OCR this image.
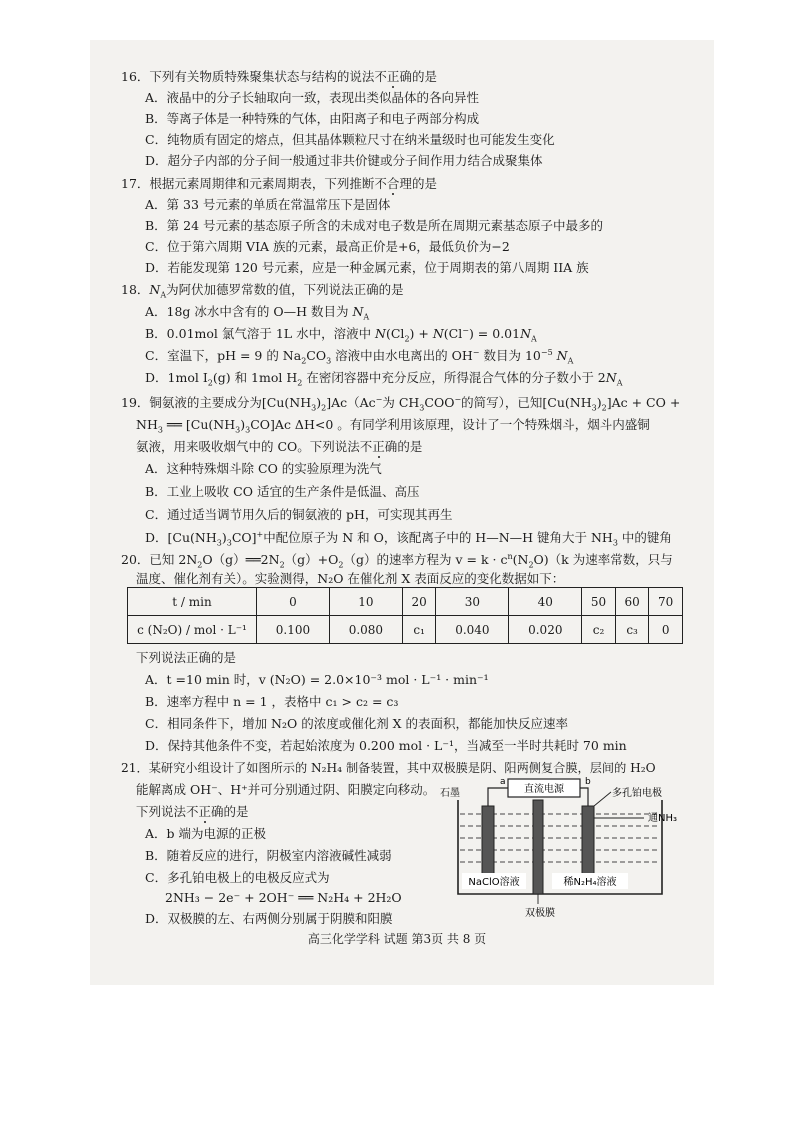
16．下列有关物质特殊聚集状态与结构的说法不正确的是
A．液晶中的分子长轴取向一致，表现出类似晶体的各向异性
B．等离子体是一种特殊的气体，由阳离子和电子两部分构成
C．纯物质有固定的熔点，但其晶体颗粒尺寸在纳米量级时也可能发生变化
D．超分子内部的分子间一般通过非共价键或分子间作用力结合成聚集体
17．根据元素周期律和元素周期表，下列推断不合理的是
A．第 33 号元素的单质在常温常压下是固体
B．第 24 号元素的基态原子所含的未成对电子数是所在周期元素基态原子中最多的
C．位于第六周期 VIA 族的元素，最高正价是+6，最低负价为−2
D．若能发现第 120 号元素，应是一种金属元素，位于周期表的第八周期 IIA 族
18．$N_A$为阿伏加德罗常数的值，下列说法正确的是
A．18g 冰水中含有的 O—H 数目为 $N_A$
B．0.01mol 氯气溶于 1L 水中，溶液中 $N(Cl_2) + N(Cl^-) = 0.01N_A$
C．室温下，pH = 9 的 $Na_2CO_3$ 溶液中由水电离出的 OH− 数目为 $10^{-5}$ $N_A$
D．1mol $I_2(g)$ 和 1mol $H_2$ 在密闭容器中充分反应，所得混合气体的分子数小于 $2N_A$
19．铜氨液的主要成分为$[Cu(NH_3)_2]Ac(Ac^-$为 $CH_3COO^-$的简写），已知$[Cu(NH_3)_2]Ac$ + CO +
$NH_3$ ══ $[Cu(NH_3)_3CO]Ac$ ΔH<0 。有同学利用该原理，设计了一个特殊烟斗，烟斗内盛铜
氨液，用来吸收烟气中的 CO。下列说法不正确的是
A．这种特殊烟斗除 CO 的实验原理为洗气
B．工业上吸收 CO 适宜的生产条件是低温、高压
C．通过适当调节用久后的铜氨液的 pH，可实现其再生
D．$[Cu(NH_3)_3CO]^+$中配位原子为 N 和 O，该配离子中的 H—N—H 键角大于 $NH_3$ 中的键角
20．已知 $2N_2O(g)══2N_2(g)+O_2(g)$的速率方程为 $v = k \cdot c^n(N_2O)(k$ 为速率常数，只与
温度、催化剂有关）。实验测得，N₂O 在催化剂 X 表面反应的变化数据如下：
t / min	0	10	20	30	40	50	60	70
c (N₂O) / mol · L⁻¹	0.100	0.080	c₁	0.040	0.020	c₂	c₃	0
下列说法正确的是
A．t =10 min 时，v (N₂O) = 2.0×10⁻³ mol · L⁻¹ · min⁻¹
B．速率方程中 n = 1 ，表格中 c₁ > c₂ = c₃
C．相同条件下，增加 N₂O 的浓度或催化剂 X 的表面积，都能加快反应速率
D．保持其他条件不变，若起始浓度为 0.200 mol · L⁻¹，当减至一半时共耗时 70 min
21．某研究小组设计了如图所示的 N₂H₄ 制备装置，其中双极膜是阴、阳两侧复合膜，层间的 H₂O
能解离成 OH⁻、H⁺并可分别通过阴、阳膜定向移动。
下列说法不正确的是
A．b 端为电源的正极
B．随着反应的进行，阴极室内溶液碱性减弱
C．多孔铂电极上的电极反应式为
2NH₃ − 2e⁻ + 2OH⁻ ══ N₂H₄ + 2H₂O
D．双极膜的左、右两侧分别属于阴膜和阳膜
直流电源
a	b
NaClO溶液	稀N₂H₄溶液
石墨	多孔铂电极
通NH₃
双极膜
高三化学学科 试题 第3页 共 8 页
